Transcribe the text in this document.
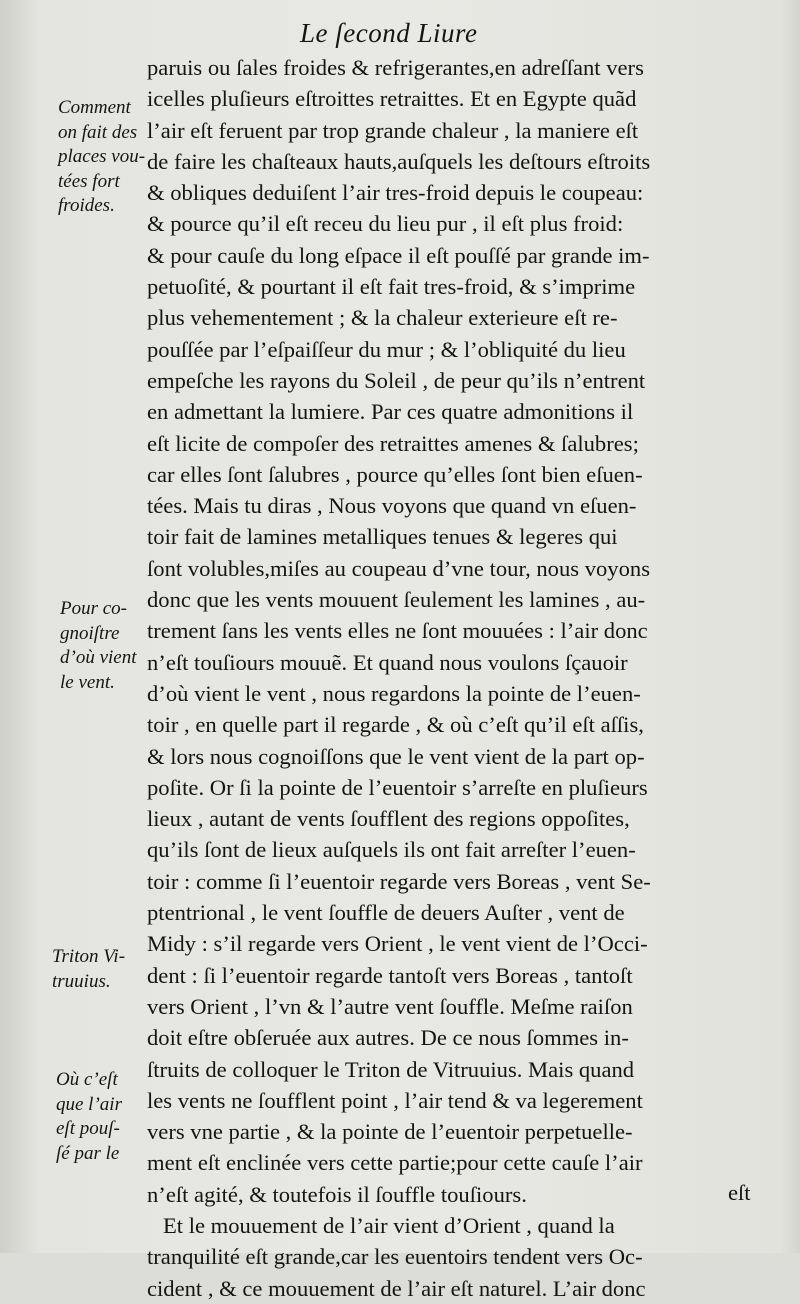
Le ſecond Liure
paruis ou ſales froides & refrigerantes,en adreſſant vers
icelles pluſieurs eſtroittes retraittes. Et en Egypte quãd
l’air eſt feruent par trop grande chaleur , la maniere eſt
de faire les chaſteaux hauts,auſquels les deſtours eſtroits
& obliques deduiſent l’air tres-froid depuis le coupeau:
& pource qu’il eſt receu du lieu pur , il eſt plus froid:
& pour cauſe du long eſpace il eſt pouſſé par grande im-
petuoſité, & pourtant il eſt fait tres-froid, & s’imprime
plus vehementement ; & la chaleur exterieure eſt re-
pouſſée par l’eſpaiſſeur du mur ; & l’obliquité du lieu
empeſche les rayons du Soleil , de peur qu’ils n’entrent
en admettant la lumiere. Par ces quatre admonitions il
eſt licite de compoſer des retraittes amenes & ſalubres;
car elles ſont ſalubres , pource qu’elles ſont bien eſuen-
tées. Mais tu diras , Nous voyons que quand vn eſuen-
toir fait de lamines metalliques tenues & legeres qui
ſont volubles,miſes au coupeau d’vne tour, nous voyons
donc que les vents mouuent ſeulement les lamines , au-
trement ſans les vents elles ne ſont mouuées : l’air donc
n’eſt touſiours mouuẽ. Et quand nous voulons ſçauoir
d’où vient le vent , nous regardons la pointe de l’euen-
toir , en quelle part il regarde , & où c’eſt qu’il eſt aſſis,
& lors nous cognoiſſons que le vent vient de la part op-
poſite. Or ſi la pointe de l’euentoir s’arreſte en pluſieurs
lieux , autant de vents ſoufflent des regions oppoſites,
qu’ils ſont de lieux auſquels ils ont fait arreſter l’euen-
toir : comme ſi l’euentoir regarde vers Boreas , vent Se-
ptentrional , le vent ſouffle de deuers Auſter , vent de
Midy : s’il regarde vers Orient , le vent vient de l’Occi-
dent : ſi l’euentoir regarde tantoſt vers Boreas , tantoſt
vers Orient , l’vn & l’autre vent ſouffle. Meſme raiſon
doit eſtre obſeruée aux autres. De ce nous ſommes in-
ſtruits de colloquer le Triton de Vitruuius. Mais quand
les vents ne ſoufflent point , l’air tend & va legerement
vers vne partie , & la pointe de l’euentoir perpetuelle-
ment eſt enclinée vers cette partie;pour cette cauſe l’air
n’eſt agité, & toutefois il ſouffle touſiours.
Et le mouuement de l’air vient d’Orient , quand la
tranquilité eſt grande,car les euentoirs tendent vers Oc-
cident , & ce mouuement de l’air eſt naturel. L’air donc
eſt
Comment
on fait des
places vou-
tées fort
froides.
Pour co-
gnoiſtre
d’où vient
le vent.
Triton Vi-
truuius.
Où c’eſt
que l’air
eſt pouſ-
ſé par le
